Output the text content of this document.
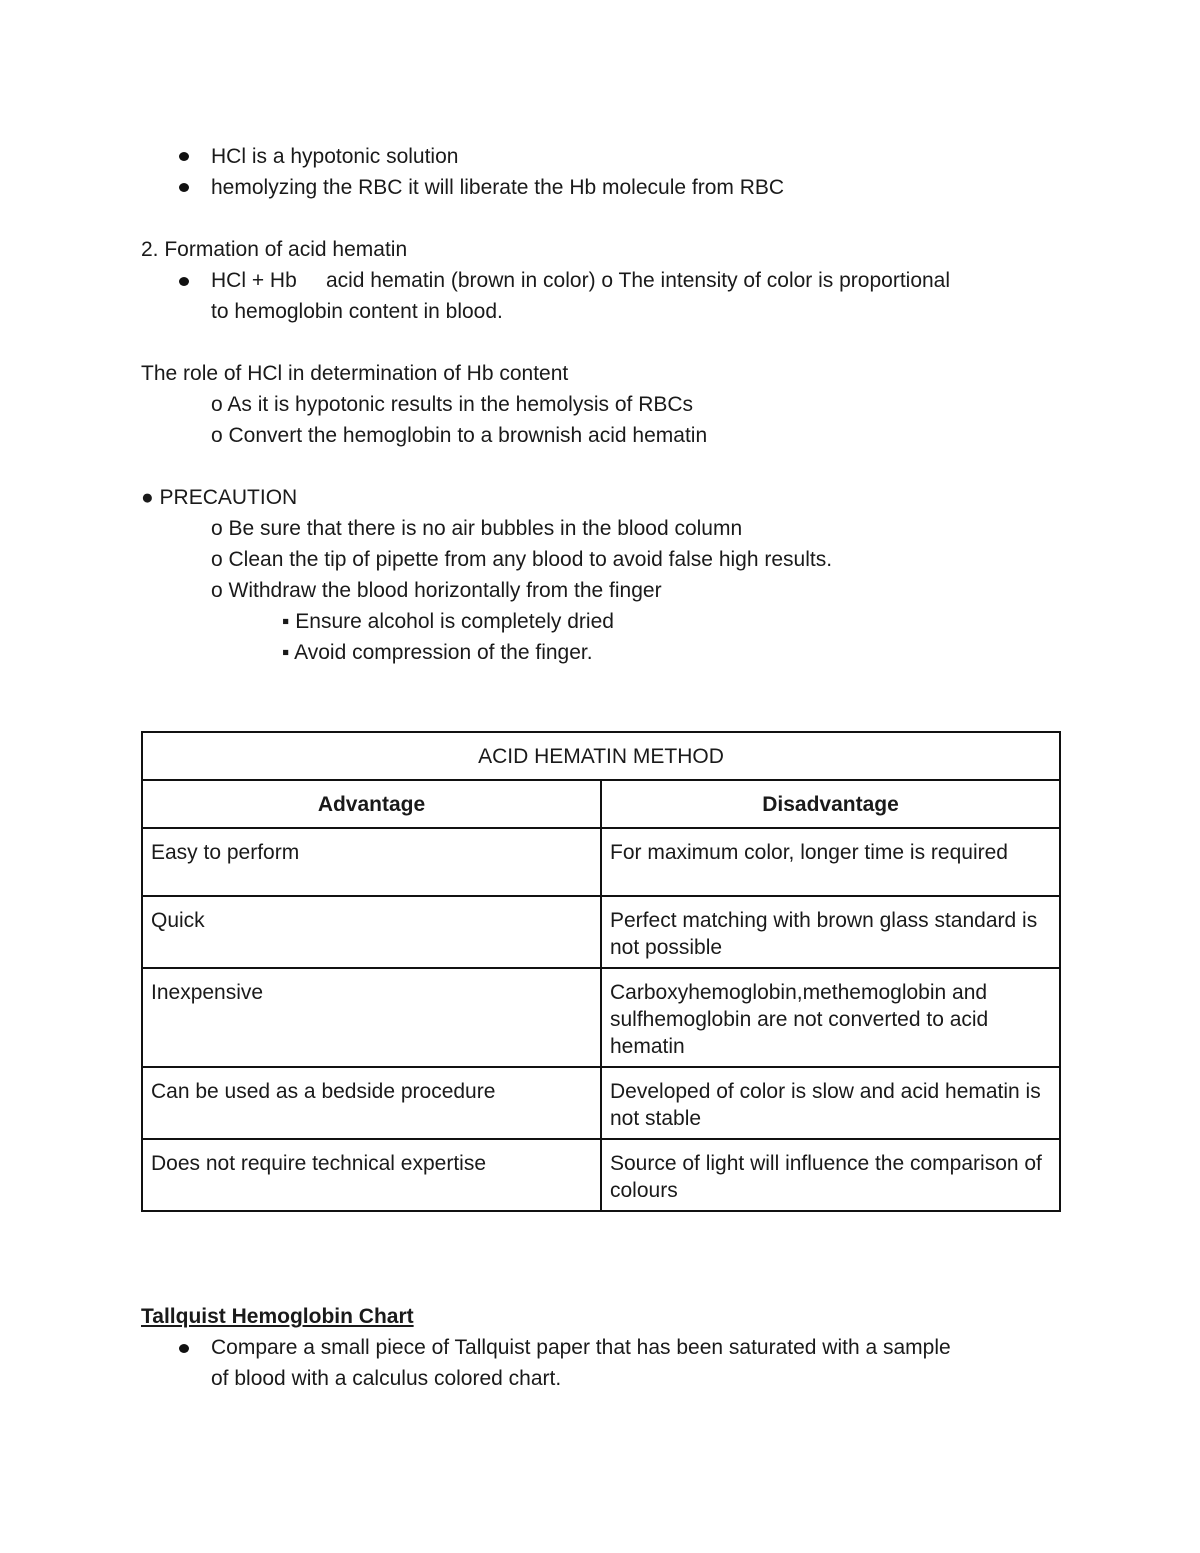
HCl is a hypotonic solution
hemolyzing the RBC it will liberate the Hb molecule from RBC
2. Formation of acid hematin
HCl + Hb     acid hematin (brown in color) o The intensity of color is proportional
to hemoglobin content in blood.
The role of HCl in determination of Hb content
o As it is hypotonic results in the hemolysis of RBCs
o Convert the hemoglobin to a brownish acid hematin
● PRECAUTION
o Be sure that there is no air bubbles in the blood column
o Clean the tip of pipette from any blood to avoid false high results.
o Withdraw the blood horizontally from the finger
▪ Ensure alcohol is completely dried
▪ Avoid compression of the finger.
ACID HEMATIN METHOD	
Advantage	Disadvantage
Easy to perform	For maximum color, longer time is required
Quick	Perfect matching with brown glass standard is not possible
Inexpensive	Carboxyhemoglobin,methemoglobin and sulfhemoglobin are not converted to acid hematin
Can be used as a bedside procedure	Developed of color is slow and acid hematin is not stable
Does not require technical expertise	Source of light will influence the comparison of colours
Tallquist Hemoglobin Chart
Compare a small piece of Tallquist paper that has been saturated with a sample
of blood with a calculus colored chart.
